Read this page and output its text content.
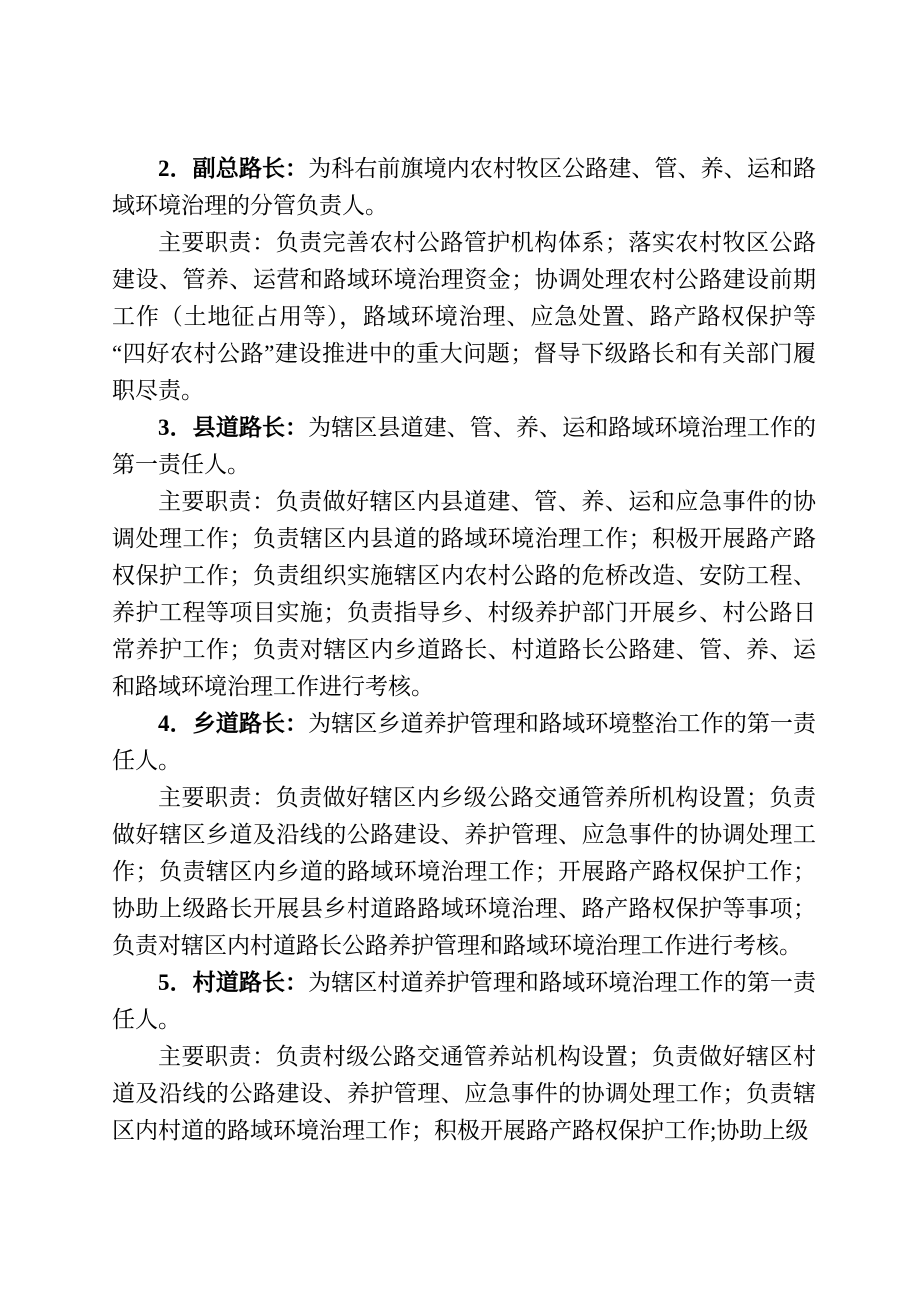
2．副总路长：为科右前旗境内农村牧区公路建、管、养、运和路域环境治理的分管负责人。

主要职责：负责完善农村公路管护机构体系；落实农村牧区公路建设、管养、运营和路域环境治理资金；协调处理农村公路建设前期工作（土地征占用等），路域环境治理、应急处置、路产路权保护等“四好农村公路”建设推进中的重大问题；督导下级路长和有关部门履职尽责。

3．县道路长：为辖区县道建、管、养、运和路域环境治理工作的第一责任人。

主要职责：负责做好辖区内县道建、管、养、运和应急事件的协调处理工作；负责辖区内县道的路域环境治理工作；积极开展路产路权保护工作；负责组织实施辖区内农村公路的危桥改造、安防工程、养护工程等项目实施；负责指导乡、村级养护部门开展乡、村公路日常养护工作；负责对辖区内乡道路长、村道路长公路建、管、养、运和路域环境治理工作进行考核。

4．乡道路长：为辖区乡道养护管理和路域环境整治工作的第一责任人。

主要职责：负责做好辖区内乡级公路交通管养所机构设置；负责做好辖区乡道及沿线的公路建设、养护管理、应急事件的协调处理工作；负责辖区内乡道的路域环境治理工作；开展路产路权保护工作；协助上级路长开展县乡村道路路域环境治理、路产路权保护等事项；负责对辖区内村道路长公路养护管理和路域环境治理工作进行考核。

5．村道路长：为辖区村道养护管理和路域环境治理工作的第一责任人。

主要职责：负责村级公路交通管养站机构设置；负责做好辖区村道及沿线的公路建设、养护管理、应急事件的协调处理工作；负责辖区内村道的路域环境治理工作；积极开展路产路权保护工作;协助上级
